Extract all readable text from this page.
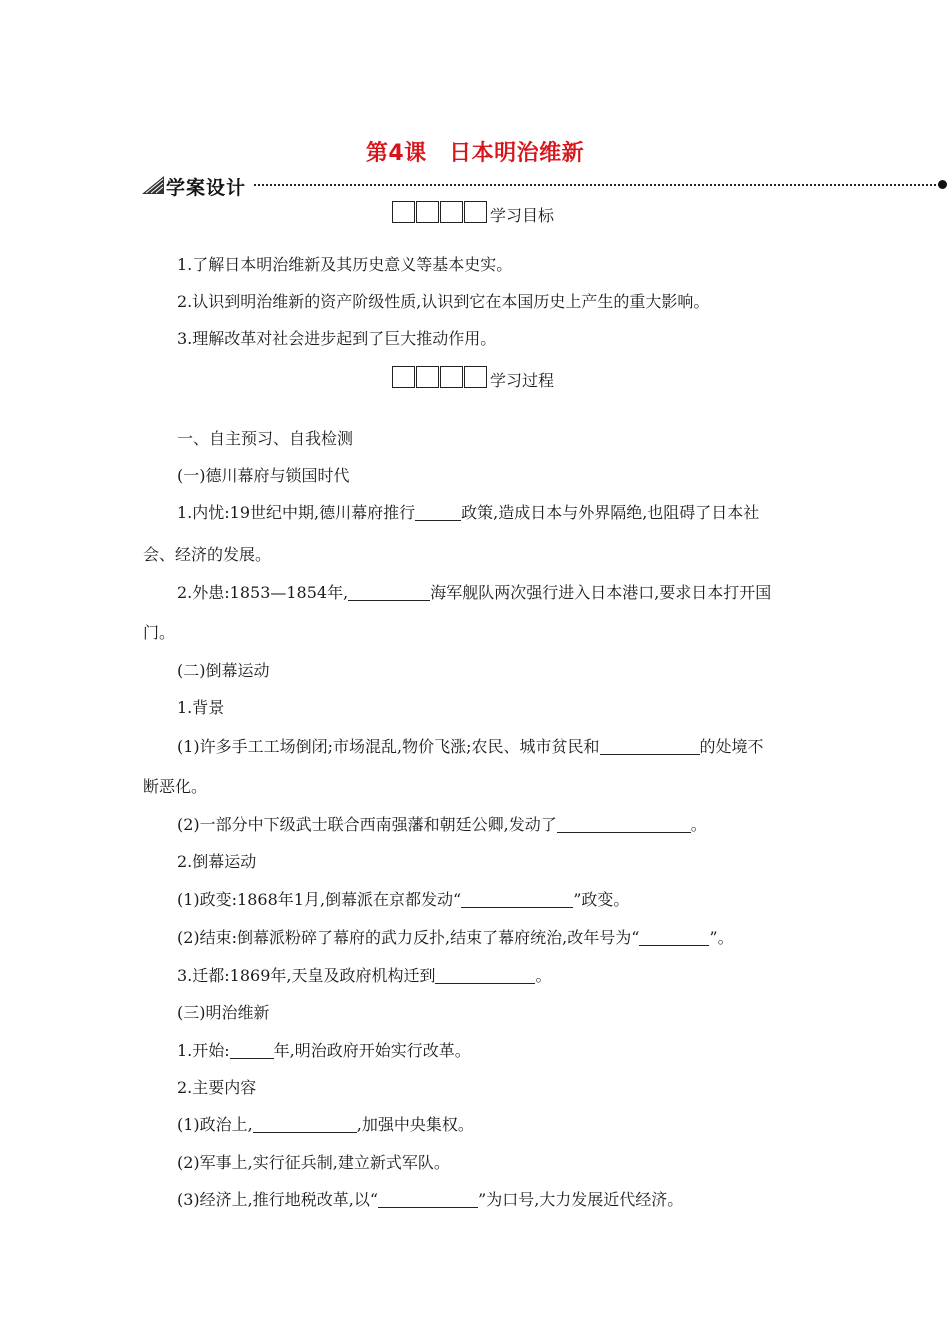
第4课　日本明治维新
学案设计
学习目标
1.了解日本明治维新及其历史意义等基本史实。
2.认识到明治维新的资产阶级性质,认识到它在本国历史上产生的重大影响。
3.理解改革对社会进步起到了巨大推动作用。
学习过程
一、自主预习、自我检测
(一)德川幕府与锁国时代
1.内忧:19世纪中期,德川幕府推行	政策,造成日本与外界隔绝,也阻碍了日本社
会、经济的发展。
2.外患:1853—1854年,	海军舰队两次强行进入日本港口,要求日本打开国
门。
(二)倒幕运动
1.背景
(1)许多手工工场倒闭;市场混乱,物价飞涨;农民、城市贫民和	的处境不
断恶化。
(2)一部分中下级武士联合西南强藩和朝廷公卿,发动了	。
2.倒幕运动
(1)政变:1868年1月,倒幕派在京都发动“	”政变。
(2)结束:倒幕派粉碎了幕府的武力反扑,结束了幕府统治,改年号为“	”。
3.迁都:1869年,天皇及政府机构迁到	。
(三)明治维新
1.开始:	年,明治政府开始实行改革。
2.主要内容
(1)政治上,	,加强中央集权。
(2)军事上,实行征兵制,建立新式军队。
(3)经济上,推行地税改革,以“	”为口号,大力发展近代经济。
